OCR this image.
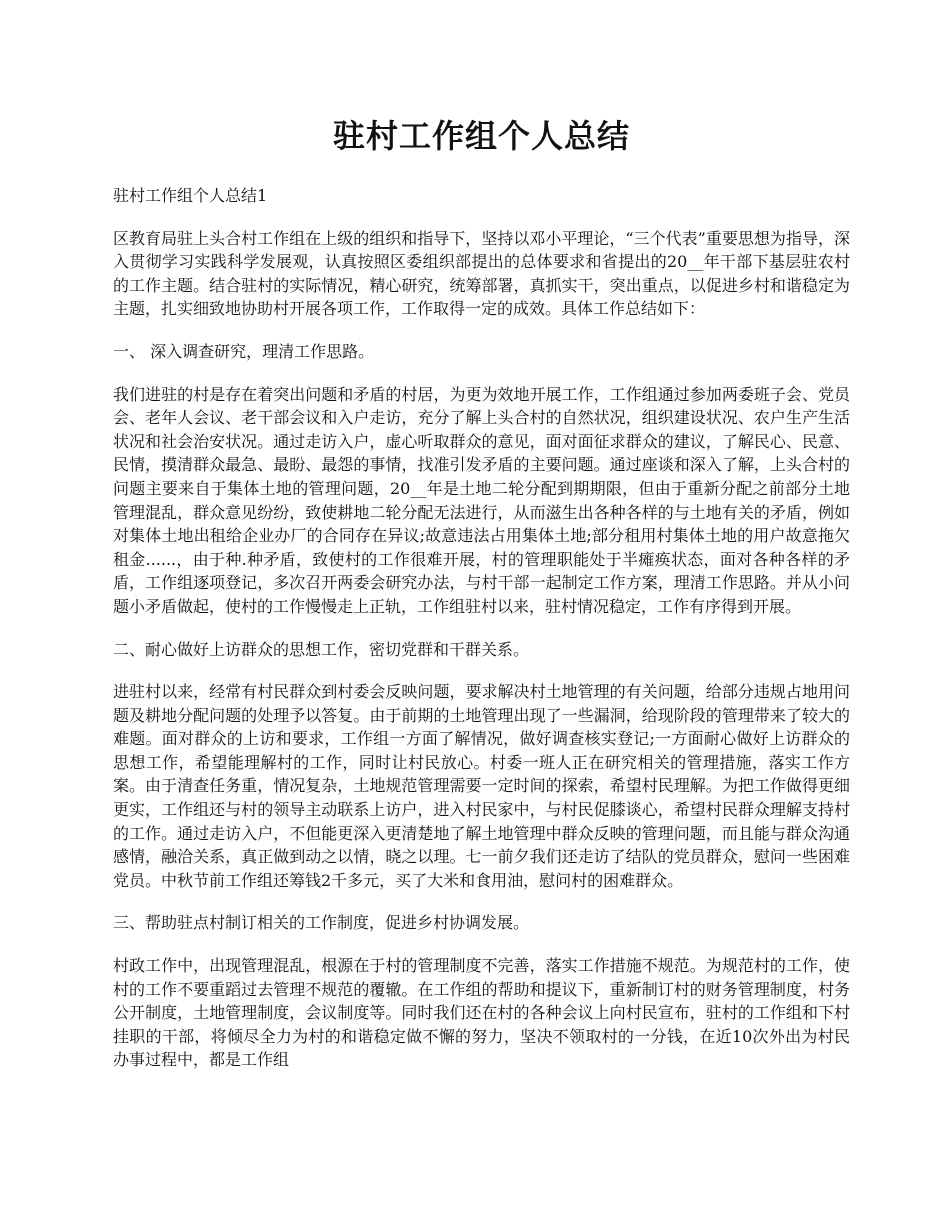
驻村工作组个人总结

驻村工作组个人总结1

区教育局驻上头合村工作组在上级的组织和指导下，坚持以邓小平理论，“三个代表”重要思想为指导，深入贯彻学习实践科学发展观，认真按照区委组织部提出的总体要求和省提出的20__年干部下基层驻农村的工作主题。结合驻村的实际情况，精心研究，统筹部署，真抓实干，突出重点，以促进乡村和谐稳定为主题，扎实细致地协助村开展各项工作，工作取得一定的成效。具体工作总结如下：

一、 深入调查研究，理清工作思路。

我们进驻的村是存在着突出问题和矛盾的村居，为更为效地开展工作，工作组通过参加两委班子会、党员会、老年人会议、老干部会议和入户走访，充分了解上头合村的自然状况，组织建设状况、农户生产生活状况和社会治安状况。通过走访入户，虚心听取群众的意见，面对面征求群众的建议，了解民心、民意、民情，摸清群众最急、最盼、最怨的事情，找准引发矛盾的主要问题。通过座谈和深入了解，上头合村的问题主要来自于集体土地的管理问题，20__年是土地二轮分配到期期限，但由于重新分配之前部分土地管理混乱，群众意见纷纷，致使耕地二轮分配无法进行，从而滋生出各种各样的与土地有关的矛盾，例如对集体土地出租给企业办厂的合同存在异议;故意违法占用集体土地;部分租用村集体土地的用户故意拖欠租金......，由于种.种矛盾，致使村的工作很难开展，村的管理职能处于半瘫痪状态，面对各种各样的矛盾，工作组逐项登记，多次召开两委会研究办法，与村干部一起制定工作方案，理清工作思路。并从小问题小矛盾做起，使村的工作慢慢走上正轨，工作组驻村以来，驻村情况稳定，工作有序得到开展。

二、耐心做好上访群众的思想工作，密切党群和干群关系。

进驻村以来，经常有村民群众到村委会反映问题，要求解决村土地管理的有关问题，给部分违规占地用问题及耕地分配问题的处理予以答复。由于前期的土地管理出现了一些漏洞，给现阶段的管理带来了较大的难题。面对群众的上访和要求，工作组一方面了解情况，做好调查核实登记;一方面耐心做好上访群众的思想工作，希望能理解村的工作，同时让村民放心。村委一班人正在研究相关的管理措施，落实工作方案。由于清查任务重，情况复杂，土地规范管理需要一定时间的探索，希望村民理解。为把工作做得更细更实，工作组还与村的领导主动联系上访户，进入村民家中，与村民促膝谈心，希望村民群众理解支持村的工作。通过走访入户，不但能更深入更清楚地了解土地管理中群众反映的管理问题，而且能与群众沟通感情，融洽关系，真正做到动之以情，晓之以理。七一前夕我们还走访了结队的党员群众，慰问一些困难党员。中秋节前工作组还筹钱2千多元，买了大米和食用油，慰问村的困难群众。

三、帮助驻点村制订相关的工作制度，促进乡村协调发展。

村政工作中，出现管理混乱，根源在于村的管理制度不完善，落实工作措施不规范。为规范村的工作，使村的工作不要重蹈过去管理不规范的覆辙。在工作组的帮助和提议下，重新制订村的财务管理制度，村务公开制度，土地管理制度，会议制度等。同时我们还在村的各种会议上向村民宣布，驻村的工作组和下村挂职的干部，将倾尽全力为村的和谐稳定做不懈的努力，坚决不领取村的一分钱，在近10次外出为村民办事过程中，都是工作组
